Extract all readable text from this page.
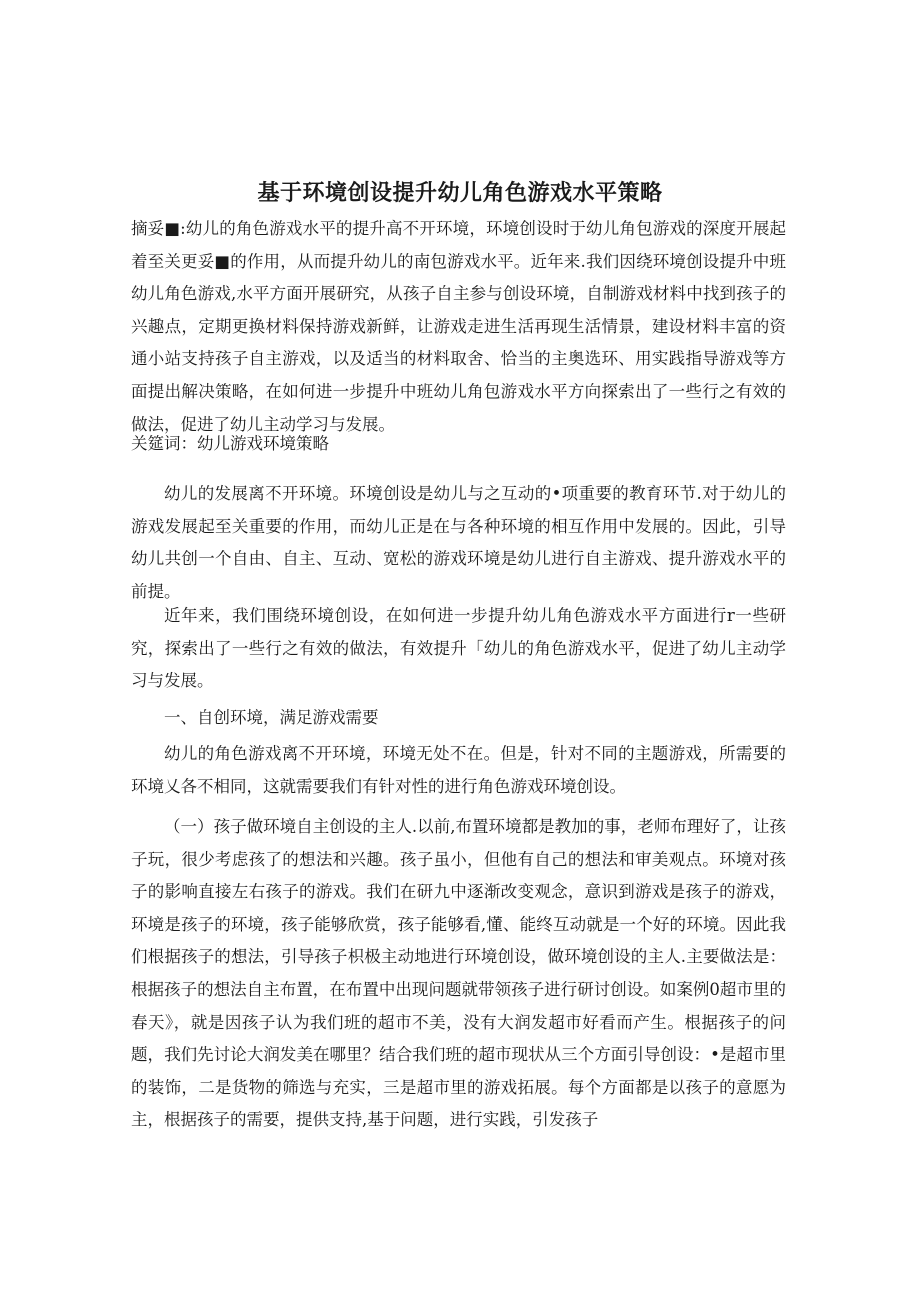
基于环境创设提升幼儿角色游戏水平策略

摘妥■:幼儿的角色游戏水平的提升高不开环境，环境创设时于幼儿角包游戏的深度开展起着至关更妥■的作用，从而提升幼儿的南包游戏水平。近年来.我们因绕环境创设提升中班幼儿角色游戏,水平方面开展研究，从孩子自主参与创设环境，自制游戏材料中找到孩子的兴趣点，定期更换材料保持游戏新鲜，让游戏走进生活再现生活情景，建设材料丰富的资通小站支持孩子自主游戏，以及适当的材料取舍、恰当的主奥选环、用实践指导游戏等方面提出解决策略，在如何进一步提升中班幼儿角包游戏水平方向探索出了一些行之有效的做法，促进了幼儿主动学习与发展。

关筵词：幼儿游戏环境策略

幼儿的发展离不开环境。环境创设是幼儿与之互动的•项重要的教育环节.对于幼儿的游戏发展起至关重要的作用，而幼儿正是在与各种环境的相互作用中发展的。因此，引导幼儿共创一个自由、自主、互动、宽松的游戏环境是幼儿进行自主游戏、提升游戏水平的前提。

近年来，我们围绕环境创设，在如何进一步提升幼儿角色游戏水平方面进行r一些研究，探索出了一些行之有效的做法，有效提升「幼儿的角色游戏水平，促进了幼儿主动学习与发展。

一、自创环境，满足游戏需要

幼儿的角色游戏离不开环境，环境无处不在。但是，针对不同的主题游戏，所需要的环境乂各不相同，这就需要我们有针对性的进行角色游戏环境创设。

（一）孩子做环境自主创设的主人.以前,布置环境都是教加的事，老师布理好了，让孩子玩，很少考虑孩了的想法和兴趣。孩子虽小，但他有自己的想法和审美观点。环境对孩子的影响直接左右孩子的游戏。我们在研九中逐渐改变观念，意识到游戏是孩子的游戏，环境是孩子的环境，孩子能够欣赏，孩子能够看,懂、能终互动就是一个好的环境。因此我们根据孩子的想法，引导孩子枳极主动地进行环境创设，做环境创设的主人.主要做法是：根据孩子的想法自主布置，在布置中出现问题就带领孩子进行研讨创设。如案例0超市里的春天》，就是因孩子认为我们班的超市不美，没有大润发超市好看而产生。根据孩子的问题，我们先讨论大润发美在哪里？结合我们班的超市现状从三个方面引导创设：•是超市里的装饰，二是货物的筛选与充实，三是超市里的游戏拓展。每个方面都是以孩子的意愿为主，根据孩子的需要，提供支持,基于问题，进行实践，引发孩子
